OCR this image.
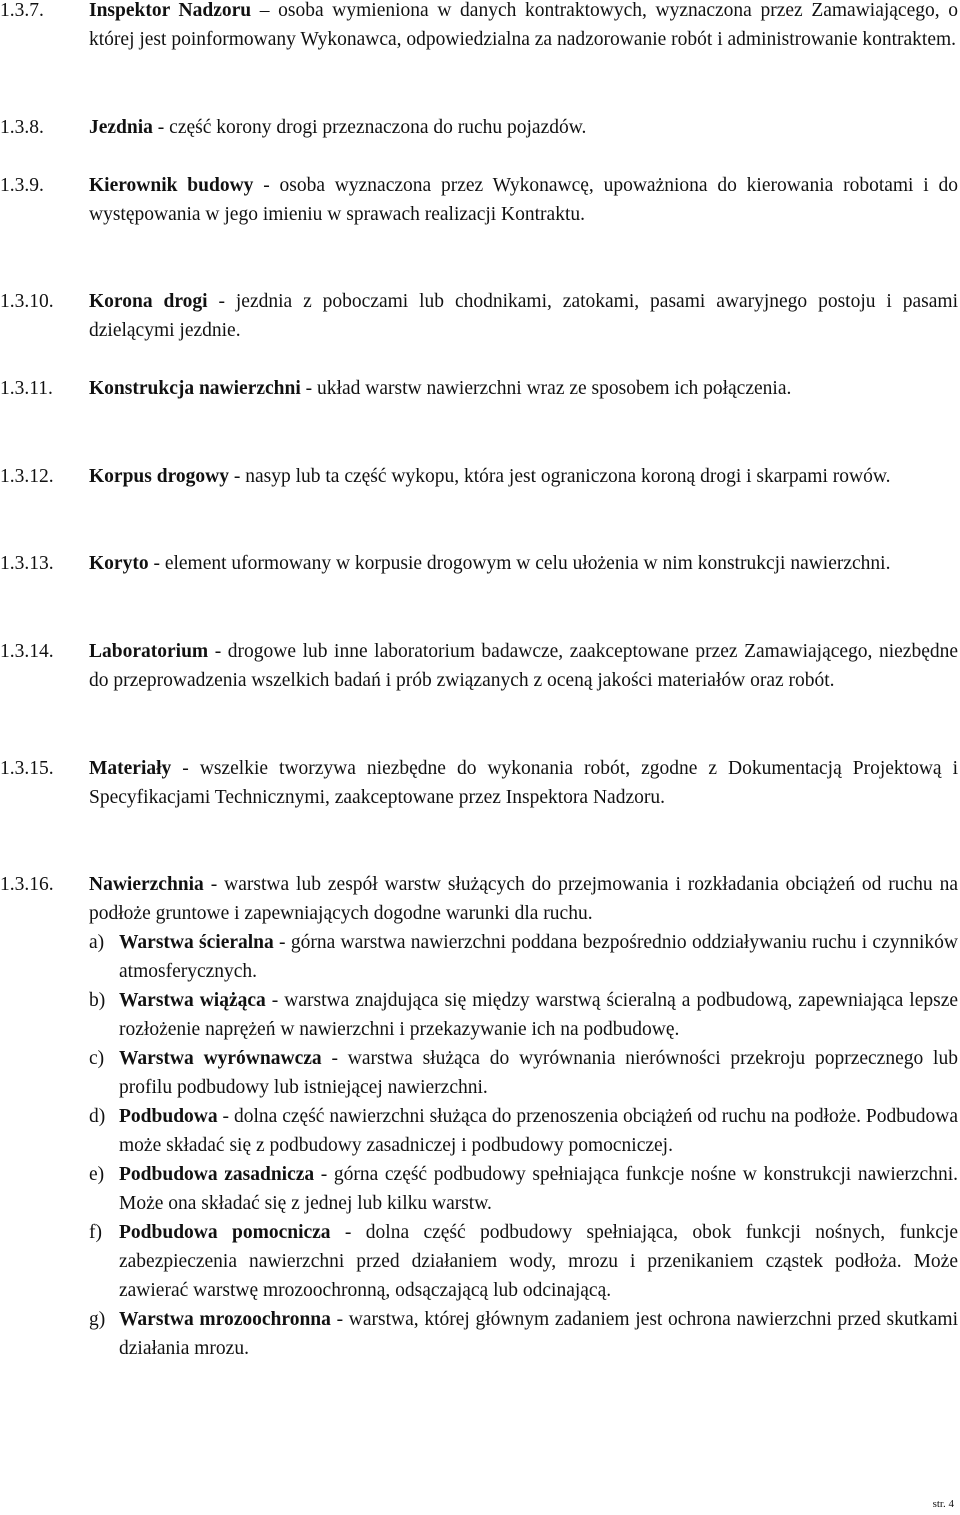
1.3.7. Inspektor Nadzoru – osoba wymieniona w danych kontraktowych, wyznaczona przez Zamawiającego, o której jest poinformowany Wykonawca, odpowiedzialna za nadzorowanie robót i administrowanie kontraktem.
1.3.8. Jezdnia - część korony drogi przeznaczona do ruchu pojazdów.
1.3.9. Kierownik budowy - osoba wyznaczona przez Wykonawcę, upoważniona do kierowania robotami i do występowania w jego imieniu w sprawach realizacji Kontraktu.
1.3.10. Korona drogi - jezdnia z poboczami lub chodnikami, zatokami, pasami awaryjnego postoju i pasami dzielącymi jezdnie.
1.3.11. Konstrukcja nawierzchni - układ warstw nawierzchni wraz ze sposobem ich połączenia.
1.3.12. Korpus drogowy - nasyp lub ta część wykopu, która jest ograniczona koroną drogi i skarpami rowów.
1.3.13. Koryto - element uformowany w korpusie drogowym w celu ułożenia w nim konstrukcji nawierzchni.
1.3.14. Laboratorium - drogowe lub inne laboratorium badawcze, zaakceptowane przez Zamawiającego, niezbędne do przeprowadzenia wszelkich badań i prób związanych z oceną jakości materiałów oraz robót.
1.3.15. Materiały - wszelkie tworzywa niezbędne do wykonania robót, zgodne z Dokumentacją Projektową i Specyfikacjami Technicznymi, zaakceptowane przez Inspektora Nadzoru.
1.3.16. Nawierzchnia - warstwa lub zespół warstw służących do przejmowania i rozkładania obciążeń od ruchu na podłoże gruntowe i zapewniających dogodne warunki dla ruchu.
a) Warstwa ścieralna - górna warstwa nawierzchni poddana bezpośrednio oddziaływaniu ruchu i czynników atmosferycznych.
b) Warstwa wiążąca - warstwa znajdująca się między warstwą ścieralną a podbudową, zapewniająca lepsze rozłożenie naprężeń w nawierzchni i przekazywanie ich na podbudowę.
c) Warstwa wyrównawcza - warstwa służąca do wyrównania nierówności przekroju poprzecznego lub profilu podbudowy lub istniejącej nawierzchni.
d) Podbudowa - dolna część nawierzchni służąca do przenoszenia obciążeń od ruchu na podłoże. Podbudowa może składać się z podbudowy zasadniczej i podbudowy pomocniczej.
e) Podbudowa zasadnicza - górna część podbudowy spełniająca funkcje nośne w konstrukcji nawierzchni. Może ona składać się z jednej lub kilku warstw.
f) Podbudowa pomocnicza - dolna część podbudowy spełniająca, obok funkcji nośnych, funkcje zabezpieczenia nawierzchni przed działaniem wody, mrozu i przenikaniem cząstek podłoża. Może zawierać warstwę mrozoochronną, odsączającą lub odcinającą.
g) Warstwa mrozoochronna - warstwa, której głównym zadaniem jest ochrona nawierzchni przed skutkami działania mrozu.
str. 4
